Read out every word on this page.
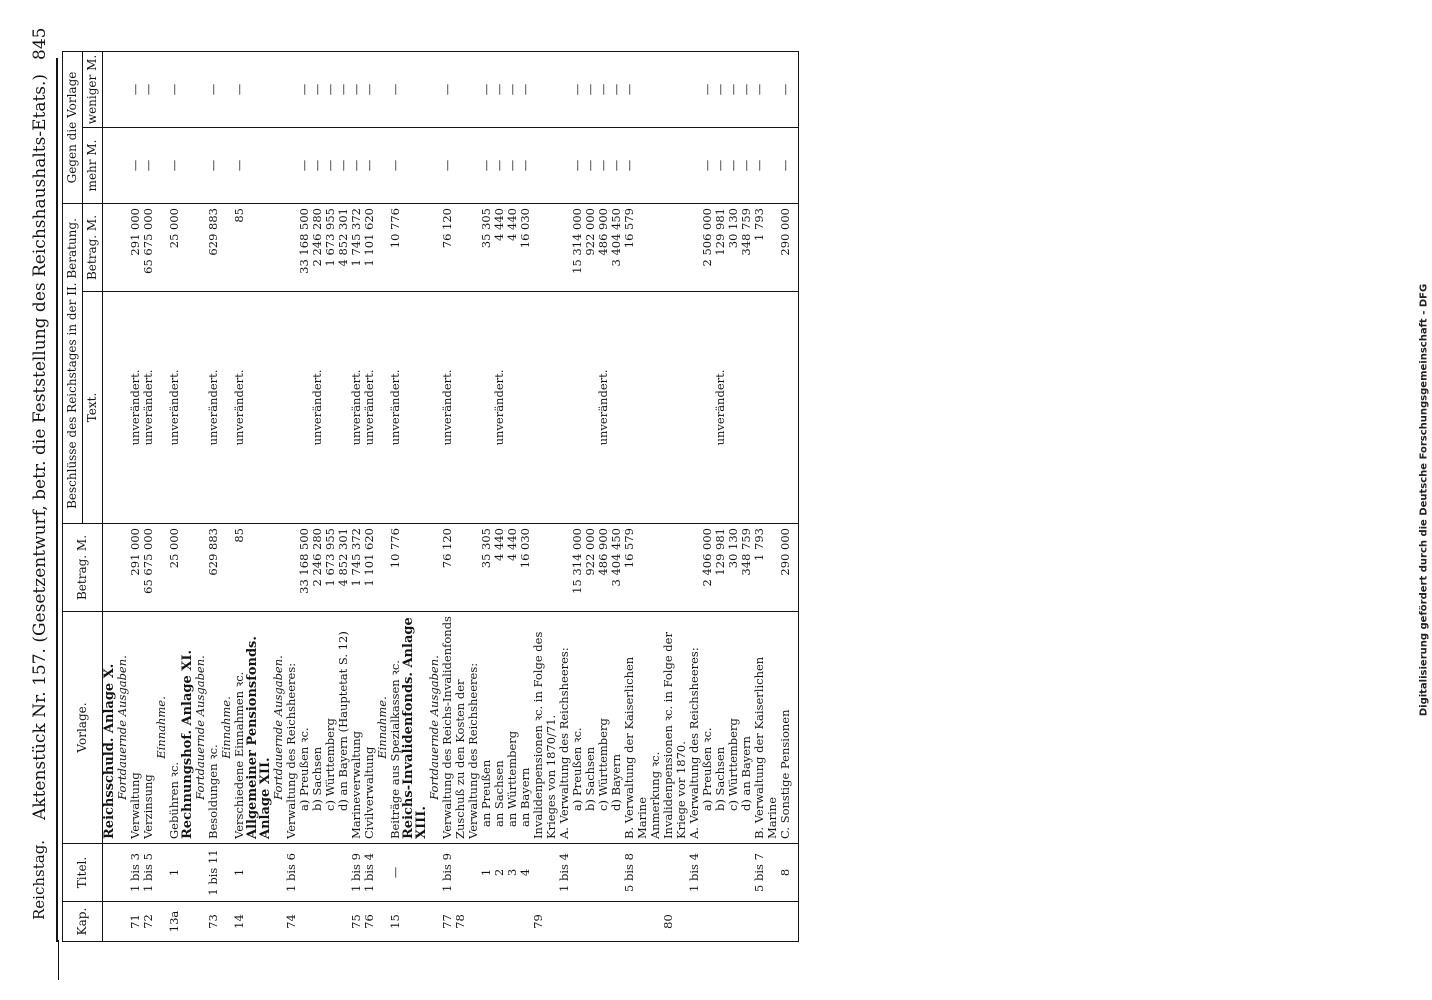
Reichstag.
Aktenstück Nr. 157. (Gesetzentwurf, betr. die Feststellung des Reichshaushalts-Etats.)
845
Kap.	Titel.	Vorlage.	Betrag. M.	Beschlüsse des Reichstages in der II. Beratung.		Gegen die Vorlage	
				Text.	Betrag. M.	mehr M.	weniger M.
		Reichsschuld. Anlage X.					
		Fortdauernde Ausgaben.					
71	1 bis 3	Verwaltung	291 000	unverändert.	291 000	—	—
72	1 bis 5	Verzinsung	65 675 000	unverändert.	65 675 000	—	—
		Einnahme.					
13a	1	Gebühren ꝛc.	25 000	unverändert.	25 000	—	—
		Rechnungshof. Anlage XI.					
		Fortdauernde Ausgaben.					
73	1 bis 11	Besoldungen ꝛc.	629 883	unverändert.	629 883	—	—
		Einnahme.					
14	1	Verschiedene Einnahmen ꝛc.	85	unverändert.	85	—	—
		Allgemeiner Pensionsfonds. Anlage XII.					
		Fortdauernde Ausgaben.					
74	1 bis 6	Verwaltung des Reichsheeres:					
		a) Preußen ꝛc.	33 168 500		33 168 500	—	—
		b) Sachsen	2 246 280	unverändert.	2 246 280	—	—
		c) Württemberg	1 673 955		1 673 955	—	—
		d) an Bayern (Hauptetat S. 12)	4 852 301		4 852 301	—	—
75	1 bis 9	Marineverwaltung	1 745 372	unverändert.	1 745 372	—	—
76	1 bis 4	Civilverwaltung	1 101 620	unverändert.	1 101 620	—	—
		Einnahme.					
15	—	Beiträge aus Spezialkassen ꝛc.	10 776	unverändert.	10 776	—	—
		Reichs-Invalidenfonds. Anlage XIII.					
		Fortdauernde Ausgaben.					
77	1 bis 9	Verwaltung des Reichs-Invalidenfonds	76 120	unverändert.	76 120	—	—
78		Zuschuß zu den Kosten der Verwaltung des Reichsheeres:					
	1	an Preußen	35 305		35 305	—	—
	2	an Sachsen	4 440	unverändert.	4 440	—	—
	3	an Württemberg	4 440		4 440	—	—
	4	an Bayern	16 030		16 030	—	—
79		Invalidenpensionen ꝛc. in Folge des Krieges von 1870/71.					
	1 bis 4	A. Verwaltung des Reichsheeres:					
		a) Preußen ꝛc.	15 314 000		15 314 000	—	—
		b) Sachsen	922 000		922 000	—	—
		c) Württemberg	486 900	unverändert.	486 900	—	—
		d) Bayern	3 404 450		3 404 450	—	—
	5 bis 8	B. Verwaltung der Kaiserlichen Marine	16 579		16 579	—	—
		Anmerkung ꝛc.					
80		Invalidenpensionen ꝛc. in Folge der Kriege vor 1870.					
	1 bis 4	A. Verwaltung des Reichsheeres:					
		a) Preußen ꝛc.	2 406 000		2 506 000	—	—
		b) Sachsen	129 981	unverändert.	129 981	—	—
		c) Württemberg	30 130		30 130	—	—
		d) an Bayern	348 759		348 759	—	—
	5 bis 7	B. Verwaltung der Kaiserlichen Marine	1 793		1 793	—	—
	8	C. Sonstige Pensionen	290 000		290 000	—	—

Digitalisierung gefördert durch die Deutsche Forschungsgemeinschaft - DFG
